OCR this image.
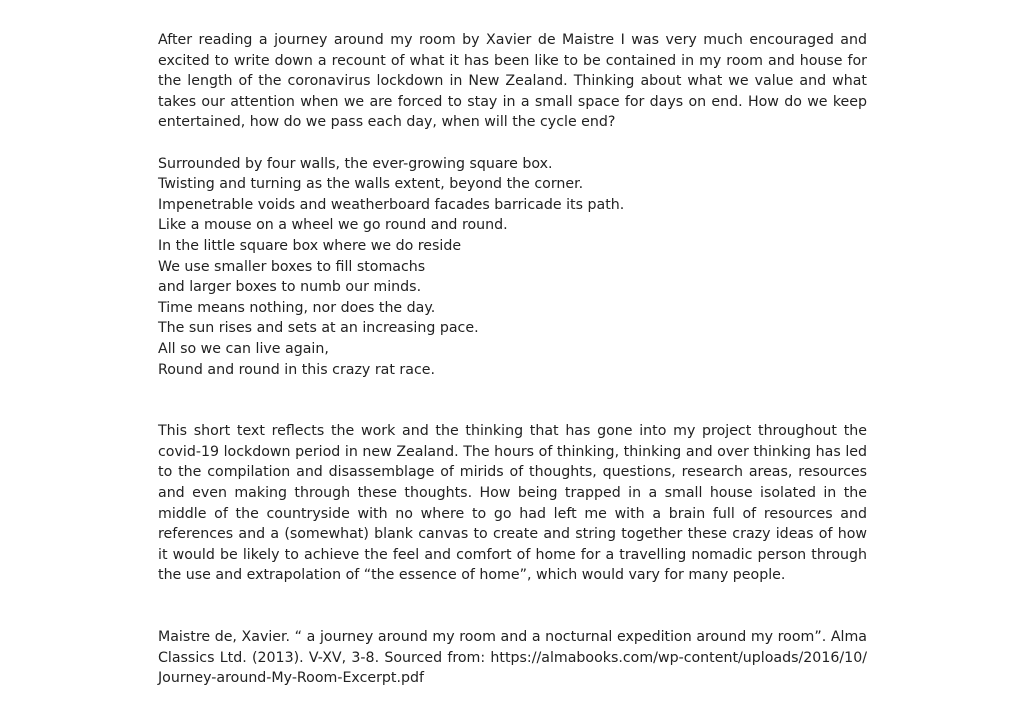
After reading a journey around my room by Xavier de Maistre I was very much encouraged and excited to write down a recount of what it has been like to be contained in my room and house for the length of the coronavirus lockdown in New Zealand. Thinking about what we value and what takes our attention when we are forced to stay in a small space for days on end. How do we keep entertained, how do we pass each day, when will the cycle end?

Surrounded by four walls, the ever-growing square box.
Twisting and turning as the walls extent, beyond the corner.
Impenetrable voids and weatherboard facades barricade its path.
Like a mouse on a wheel we go round and round.
In the little square box where we do reside
We use smaller boxes to fill stomachs
and larger boxes to numb our minds.
Time means nothing, nor does the day.
The sun rises and sets at an increasing pace.
All so we can live again,
Round and round in this crazy rat race.

This short text reflects the work and the thinking that has gone into my project throughout the covid-19 lockdown period in new Zealand. The hours of thinking, thinking and over thinking has led to the compilation and disassemblage of mirids of thoughts, questions, research areas, resources and even making through these thoughts. How being trapped in a small house isolated in the middle of the countryside with no where to go had left me with a brain full of resources and references and a (somewhat) blank canvas to create and string together these crazy ideas of how it would be likely to achieve the feel and comfort of home for a travelling nomadic person through the use and extrapolation of “the essence of home”, which would vary for many people.

Maistre de, Xavier. “ a journey around my room and a nocturnal expedition around my room”. Alma
Classics Ltd. (2013). V-XV, 3-8. Sourced from: https://almabooks.com/wp-content/uploads/2016/10/
Journey-around-My-Room-Excerpt.pdf
